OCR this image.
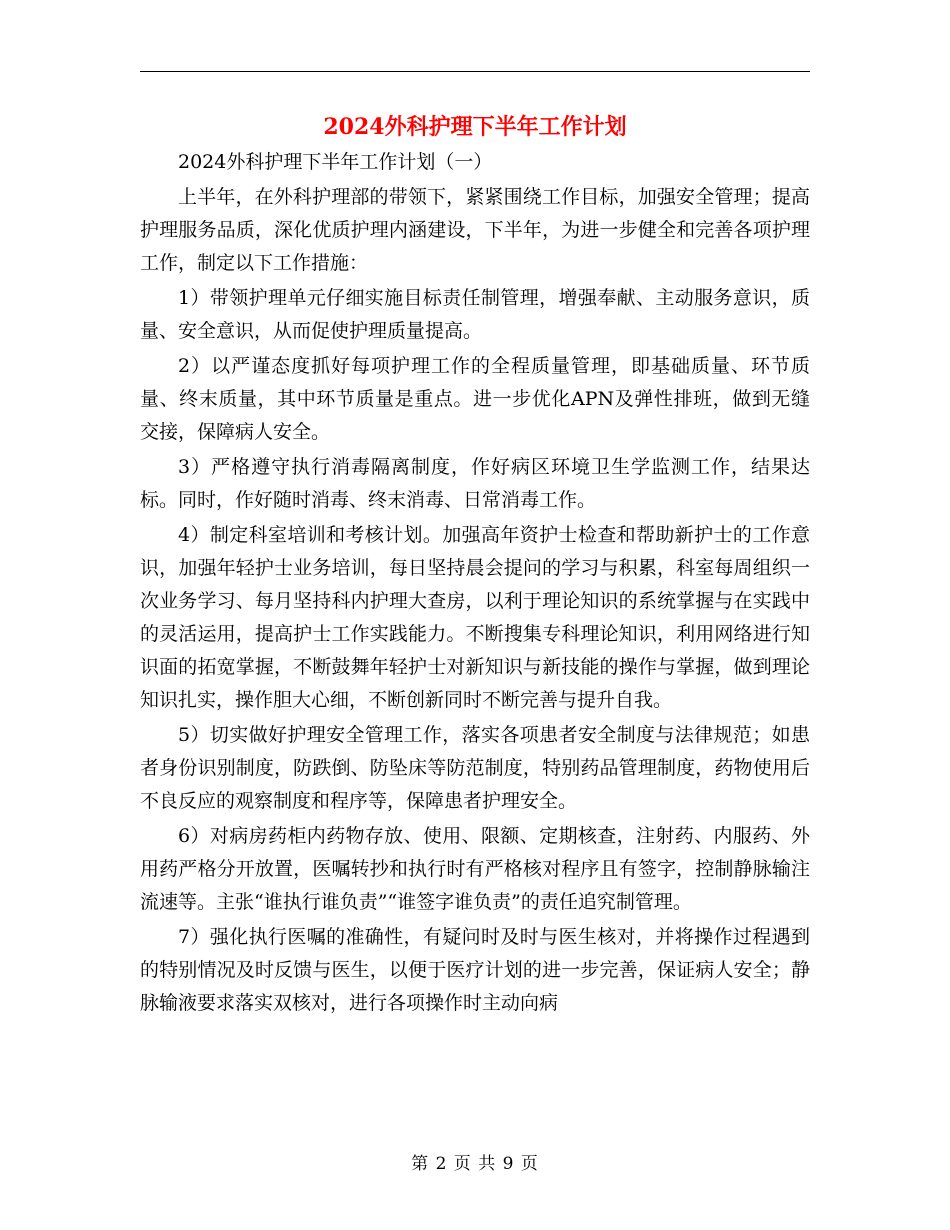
2024外科护理下半年工作计划

2024外科护理下半年工作计划（一）

上半年，在外科护理部的带领下，紧紧围绕工作目标，加强安全管理；提高护理服务品质，深化优质护理内涵建设，下半年，为进一步健全和完善各项护理工作，制定以下工作措施：

1）带领护理单元仔细实施目标责任制管理，增强奉献、主动服务意识，质量、安全意识，从而促使护理质量提高。

2）以严谨态度抓好每项护理工作的全程质量管理，即基础质量、环节质量、终末质量，其中环节质量是重点。进一步优化APN及弹性排班，做到无缝交接，保障病人安全。

3）严格遵守执行消毒隔离制度，作好病区环境卫生学监测工作，结果达标。同时，作好随时消毒、终末消毒、日常消毒工作。

4）制定科室培训和考核计划。加强高年资护士检查和帮助新护士的工作意识，加强年轻护士业务培训，每日坚持晨会提问的学习与积累，科室每周组织一次业务学习、每月坚持科内护理大查房，以利于理论知识的系统掌握与在实践中的灵活运用，提高护士工作实践能力。不断搜集专科理论知识，利用网络进行知识面的拓宽掌握，不断鼓舞年轻护士对新知识与新技能的操作与掌握，做到理论知识扎实，操作胆大心细，不断创新同时不断完善与提升自我。

5）切实做好护理安全管理工作，落实各项患者安全制度与法律规范；如患者身份识别制度，防跌倒、防坠床等防范制度，特别药品管理制度，药物使用后不良反应的观察制度和程序等，保障患者护理安全。

6）对病房药柜内药物存放、使用、限额、定期核查，注射药、内服药、外用药严格分开放置，医嘱转抄和执行时有严格核对程序且有签字，控制静脉输注流速等。主张“谁执行谁负责”“谁签字谁负责”的责任追究制管理。

7）强化执行医嘱的准确性，有疑问时及时与医生核对，并将操作过程遇到的特别情况及时反馈与医生，以便于医疗计划的进一步完善，保证病人安全；静脉输液要求落实双核对，进行各项操作时主动向病

第 2 页 共 9 页
